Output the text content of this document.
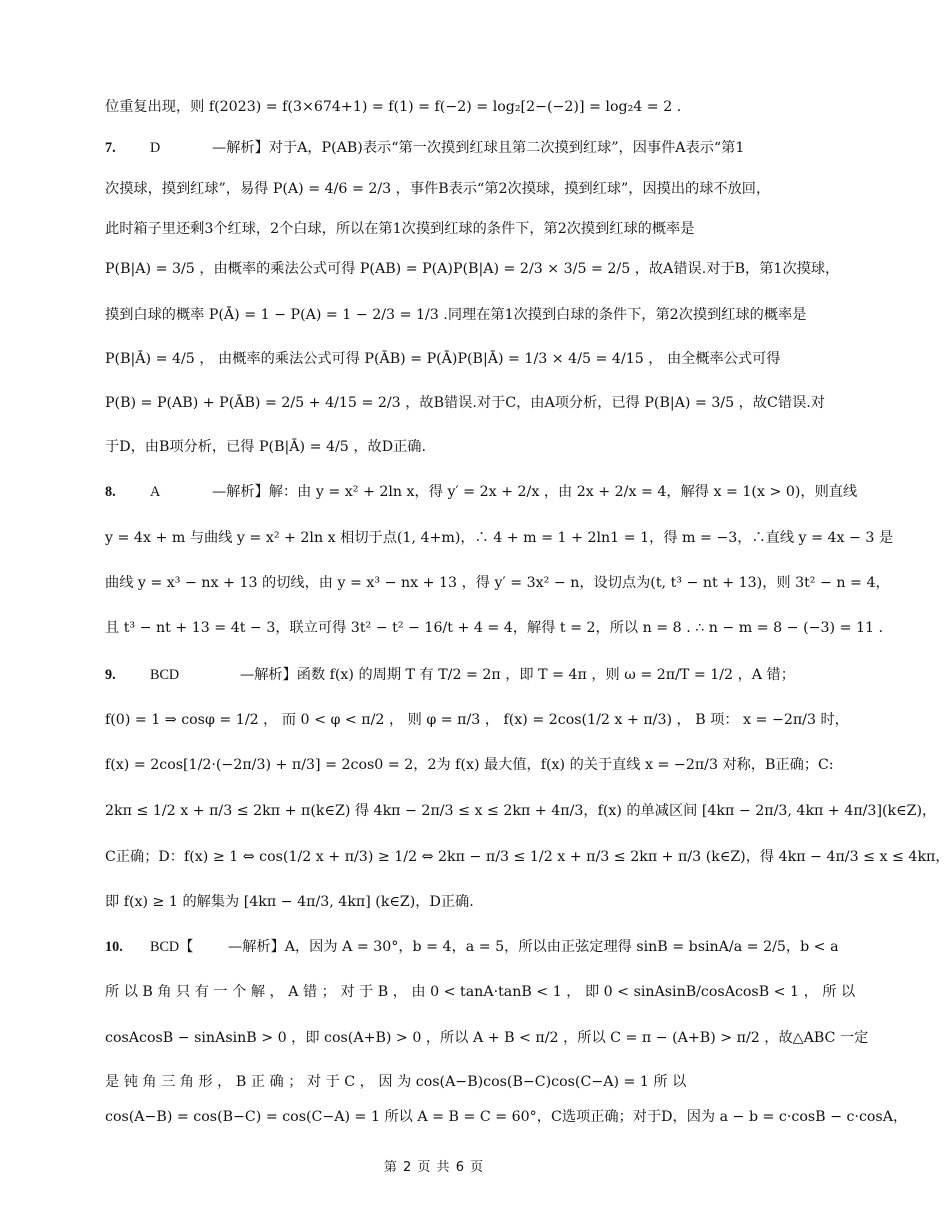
位重复出现，则 f(2023) = f(3×674+1) = f(1) = f(−2) = log₂[2−(−2)] = log₂4 = 2 .
7. D	—解析】对于A，P(AB)表示“第一次摸到红球且第二次摸到红球”，因事件A表示“第1
次摸球，摸到红球”，易得 P(A) = 4/6 = 2/3 ，事件B表示“第2次摸球，摸到红球”，因摸出的球不放回，
此时箱子里还剩3个红球，2个白球，所以在第1次摸到红球的条件下，第2次摸到红球的概率是
P(B|A) = 3/5 ，由概率的乘法公式可得 P(AB) = P(A)P(B|A) = 2/3 × 3/5 = 2/5 ，故A错误.对于B，第1次摸球，
摸到白球的概率 P(Ā) = 1 − P(A) = 1 − 2/3 = 1/3 .同理在第1次摸到白球的条件下，第2次摸到红球的概率是
P(B|Ā) = 4/5 ， 由概率的乘法公式可得 P(ĀB) = P(Ā)P(B|Ā) = 1/3 × 4/5 = 4/15 ， 由全概率公式可得
P(B) = P(AB) + P(ĀB) = 2/5 + 4/15 = 2/3 ，故B错误.对于C，由A项分析，已得 P(B|A) = 3/5 ，故C错误.对
于D，由B项分析，已得 P(B|Ā) = 4/5 ，故D正确.
8. A	—解析】解：由 y = x² + 2ln x，得 y′ = 2x + 2/x ，由 2x + 2/x = 4，解得 x = 1(x > 0)，则直线
y = 4x + m 与曲线 y = x² + 2ln x 相切于点(1, 4+m)，∴ 4 + m = 1 + 2ln1 = 1，得 m = −3，∴直线 y = 4x − 3 是
曲线 y = x³ − nx + 13 的切线，由 y = x³ − nx + 13 ，得 y′ = 3x² − n，设切点为(t, t³ − nt + 13)，则 3t² − n = 4，
且 t³ − nt + 13 = 4t − 3，联立可得 3t² − t² − 16/t + 4 = 4，解得 t = 2，所以 n = 8 . ∴ n − m = 8 − (−3) = 11 .
9. BCD	—解析】函数 f(x) 的周期 T 有 T/2 = 2π ，即 T = 4π ，则 ω = 2π/T = 1/2 ，A 错；
f(0) = 1 ⇒ cosφ = 1/2 ， 而 0 < φ < π/2 ， 则 φ = π/3 ， f(x) = 2cos(1/2 x + π/3) ， B 项： x = −2π/3 时，
f(x) = 2cos[1/2·(−2π/3) + π/3] = 2cos0 = 2，2为 f(x) 最大值，f(x) 的关于直线 x = −2π/3 对称，B正确；C:
2kπ ≤ 1/2 x + π/3 ≤ 2kπ + π(k∈Z) 得 4kπ − 2π/3 ≤ x ≤ 2kπ + 4π/3，f(x) 的单减区间 [4kπ − 2π/3, 4kπ + 4π/3](k∈Z)，
C正确；D：f(x) ≥ 1 ⇔ cos(1/2 x + π/3) ≥ 1/2 ⇔ 2kπ − π/3 ≤ 1/2 x + π/3 ≤ 2kπ + π/3 (k∈Z)，得 4kπ − 4π/3 ≤ x ≤ 4kπ，
即 f(x) ≥ 1 的解集为 [4kπ − 4π/3, 4kπ] (k∈Z)，D正确.
10. BCD【 —解析】A，因为 A = 30°，b = 4，a = 5，所以由正弦定理得 sinB = bsinA/a = 2/5，b < a
所 以 B 角 只 有 一 个 解 ， A 错 ； 对 于 B ， 由 0 < tanA·tanB < 1 ， 即 0 < sinAsinB/cosAcosB < 1 ， 所 以
cosAcosB − sinAsinB > 0 ，即 cos(A+B) > 0 ，所以 A + B < π/2 ，所以 C = π − (A+B) > π/2 ，故△ABC 一定
是 钝 角 三 角 形 ， B 正 确 ； 对 于 C ， 因 为 cos(A−B)cos(B−C)cos(C−A) = 1 所 以
cos(A−B) = cos(B−C) = cos(C−A) = 1 所以 A = B = C = 60°，C选项正确；对于D，因为 a − b = c·cosB − c·cosA，
第 2 页 共 6 页
